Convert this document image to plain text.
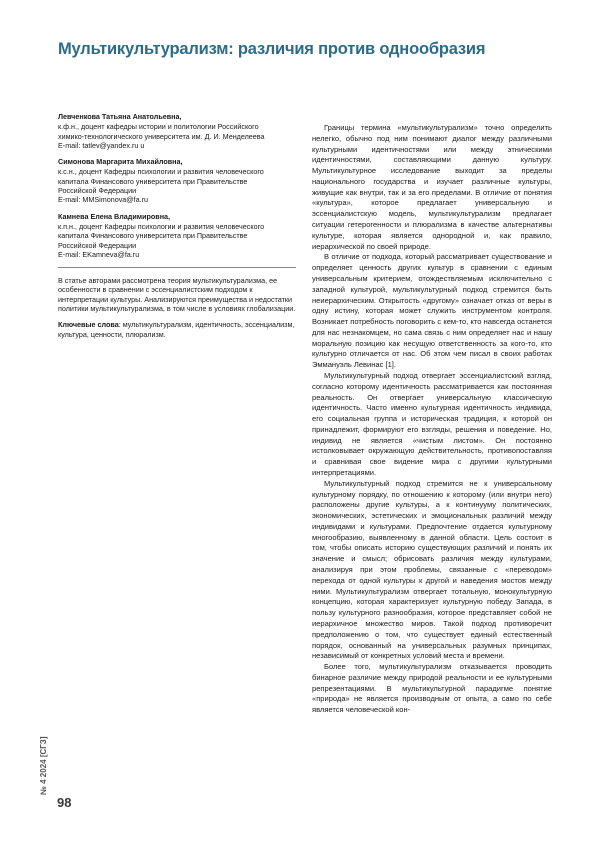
Мультикультурализм: различия против однообразия
Левченкова Татьяна Анатольевна,
к.ф.н., доцент кафедры истории и политологии Российского
химико-технологического университета им. Д. И. Менделеева
E-mail: tatlev@yandex.ru u
Симонова Маргарита Михайловна,
к.с.н., доцент Кафедры психологии и развития человеческого
капитала Финансового университета при Правительстве
Российской Федерации
E-mail: MMSimonova@fa.ru
Камнева Елена Владимировна,
к.п.н., доцент Кафедры психологии и развития человеческого
капитала Финансового университета при Правительстве
Российской Федерации
E-mail: EKamneva@fa.ru

В статье авторами рассмотрена теория мультикультурализма, ее особенности в сравнении с эссенциалистским подходом к интерпретации культуры. Анализируются преимущества и недостатки политики мультикультурализма, в том числе в условиях глобализации.

Ключевые слова: мультикультурализм, идентичность, эссенциализм, культура, ценности, плюрализм.

Границы термина «мультикультурализм» точно определить нелегко, обычно под ним понимают диалог между различными культурными идентичностями или между этническими идентичностями, составляющими данную культуру. Мультикультурное исследование выходит за пределы национального государства и изучает различные культуры, живущие как внутри, так и за его пределами. В отличие от понятия «культура», которое предлагает универсальную и эссенциалистскую модель, мультикультурализм предлагает ситуации гетерогенности и плюрализма в качестве альтернативы культуре, которая является однородной и, как правило, иерархической по своей природе.

В отличие от подхода, который рассматривает существование и определяет ценность других культур в сравнении с единым универсальным критерием, отождествляемым исключительно с западной культурой, мультикультурный подход стремится быть неиерархическим. Открытость «другому» означает отказ от веры в одну истину, которая может служить инструментом контроля. Возникает потребность поговорить с кем-то, кто навсегда останется для нас незнакомцем, но сама связь с ним определяет нас и нашу моральную позицию как несущую ответственность за кого-то, кто культурно отличается от нас. Об этом чем писал в своих работах Эммануэль Левинас [1].

Мультикультурный подход отвергает эссенциалистский взгляд, согласно которому идентичность рассматривается как постоянная реальность. Он отвергает универсальную классическую идентичность. Часто именно культурная идентичность индивида, его социальная группа и историческая традиция, к которой он принадлежит, формируют его взгляды, решения и поведение. Но, индивид не является «чистым листом». Он постоянно истолковывает окружающую действительность, противопоставляя и сравнивая свое видение мира с другими культурными интерпретациями.

Мультикультурный подход стремится не к универсальному культурному порядку, по отношению к которому (или внутри него) расположены другие культуры, а к континууму политических, экономических, эстетических и эмоциональных различий между индивидами и культурами. Предпочтение отдается культурному многообразию, выявленному в данной области. Цель состоит в том, чтобы описать историю существующих различий и понять их значение и смысл; обрисовать различия между культурами, анализируя при этом проблемы, связанные с «переводом» перехода от одной культуры к другой и наведения мостов между ними. Мультикультурализм отвергает тотальную, монокультурную концепцию, которая характеризует культурную победу Запада, в пользу культурного разнообразия, которое представляет собой не иерархичное множество миров. Такой подход противоречит предположению о том, что существует единый естественный порядок, основанный на универсальных разумных принципах, независимый от конкретных условий места и времени.

Более того, мультикультурализм отказывается проводить бинарное различие между природой реальности и ее культурными репрезентациями. В мультикультурной парадигме понятие «природа» не является производным от опыта, а само по себе является человеческой кон-

№ 4 2024 [СГЗ]
98
